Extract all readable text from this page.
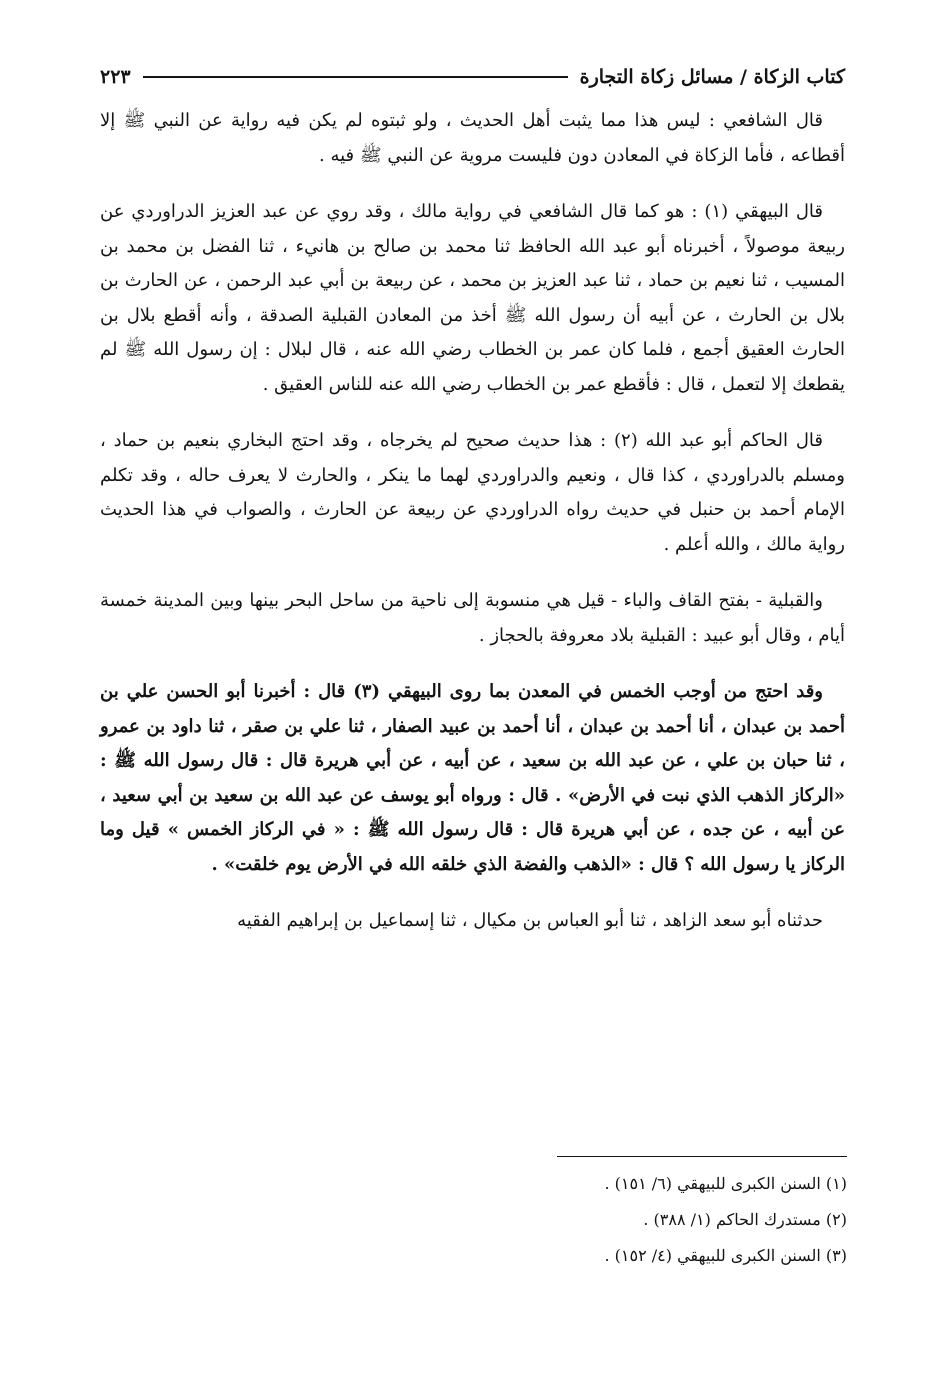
كتاب الزكاة / مسائل زكاة التجارة
٢٢٣

قال الشافعي : ليس هذا مما يثبت أهل الحديث ، ولو ثبتوه لم يكن فيه رواية عن النبي ﷺ إلا أقطاعه ، فأما الزكاة في المعادن دون فليست مروية عن النبي ﷺ فيه .

قال البيهقي (١) : هو كما قال الشافعي في رواية مالك ، وقد روي عن عبد العزيز الدراوردي عن ربيعة موصولاً ، أخبرناه أبو عبد الله الحافظ ثنا محمد بن صالح بن هانيء ، ثنا الفضل بن محمد بن المسيب ، ثنا نعيم بن حماد ، ثنا عبد العزيز بن محمد ، عن ربيعة بن أبي عبد الرحمن ، عن الحارث بن بلال بن الحارث ، عن أبيه أن رسول الله ﷺ أخذ من المعادن القبلية الصدقة ، وأنه أقطع بلال بن الحارث العقيق أجمع ، فلما كان عمر بن الخطاب رضي الله عنه ، قال لبلال : إن رسول الله ﷺ لم يقطعك إلا لتعمل ، قال : فأقطع عمر بن الخطاب رضي الله عنه للناس العقيق .

قال الحاكم أبو عبد الله (٢) : هذا حديث صحيح لم يخرجاه ، وقد احتج البخاري بنعيم بن حماد ، ومسلم بالدراوردي ، كذا قال ، ونعيم والدراوردي لهما ما ينكر ، والحارث لا يعرف حاله ، وقد تكلم الإمام أحمد بن حنبل في حديث رواه الدراوردي عن ربيعة عن الحارث ، والصواب في هذا الحديث رواية مالك ، والله أعلم .

والقبلية - بفتح القاف والباء - قيل هي منسوبة إلى ناحية من ساحل البحر بينها وبين المدينة خمسة أيام ، وقال أبو عبيد : القبلية بلاد معروفة بالحجاز .

وقد احتج من أوجب الخمس في المعدن بما روى البيهقي (٣) قال : أخبرنا أبو الحسن علي بن أحمد بن عبدان ، أنا أحمد بن عبدان ، أنا أحمد بن عبيد الصفار ، ثنا علي بن صقر ، ثنا داود بن عمرو ، ثنا حبان بن علي ، عن عبد الله بن سعيد ، عن أبيه ، عن أبي هريرة قال : قال رسول الله ﷺ : «الركاز الذهب الذي نبت في الأرض» . قال : ورواه أبو يوسف عن عبد الله بن سعيد بن أبي سعيد ، عن أبيه ، عن جده ، عن أبي هريرة قال : قال رسول الله ﷺ : « في الركاز الخمس » قيل وما الركاز يا رسول الله ؟ قال : «الذهب والفضة الذي خلقه الله في الأرض يوم خلقت» .

حدثناه أبو سعد الزاهد ، ثنا أبو العباس بن مكيال ، ثنا إسماعيل بن إبراهيم الفقيه

(١) السنن الكبرى للبيهقي (٦/ ١٥١) .
(٢) مستدرك الحاكم (١/ ٣٨٨) .
(٣) السنن الكبرى للبيهقي (٤/ ١٥٢) .
